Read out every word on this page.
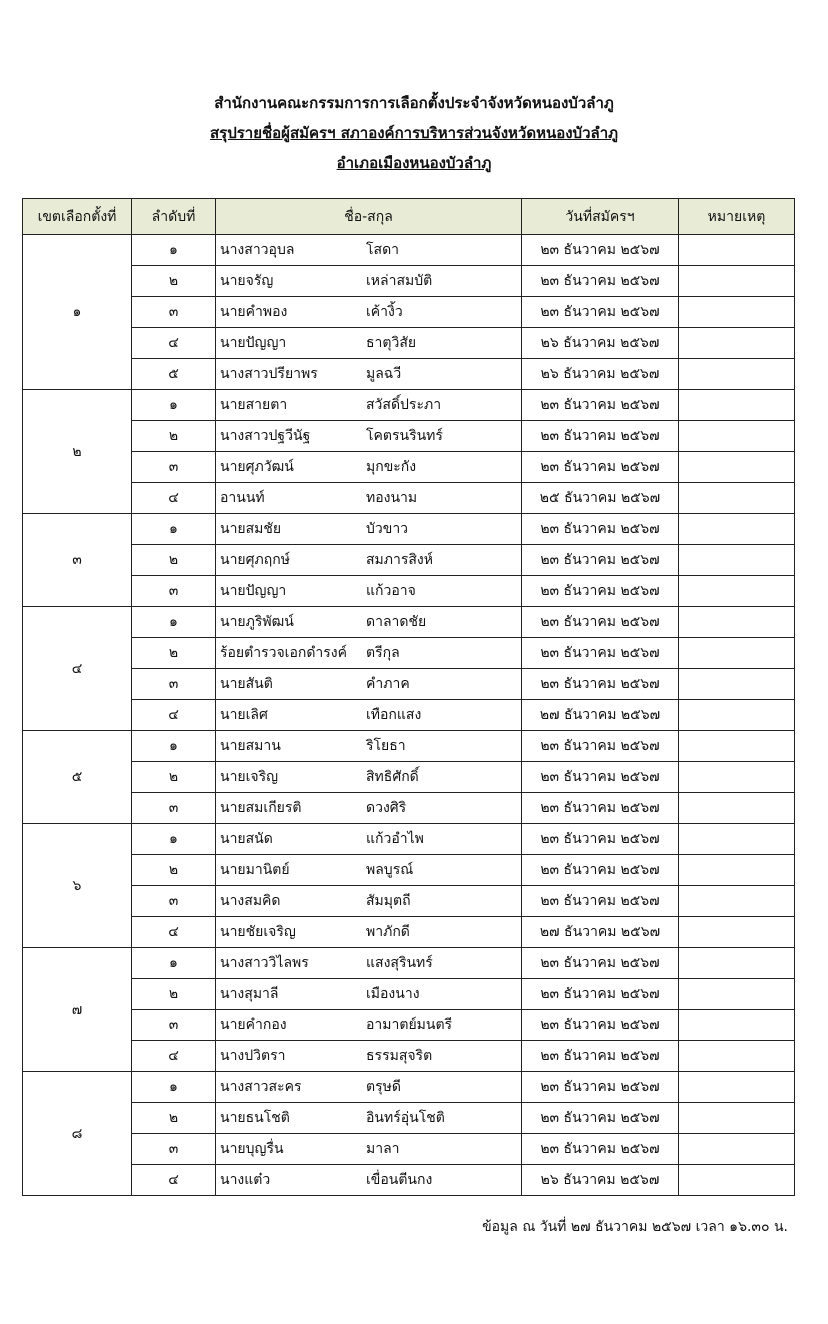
สำนักงานคณะกรรมการการเลือกตั้งประจำจังหวัดหนองบัวลำภู
สรุปรายชื่อผู้สมัครฯ สภาองค์การบริหารส่วนจังหวัดหนองบัวลำภู
อำเภอเมืองหนองบัวลำภู
เขตเลือกตั้งที่	ลำดับที่	ชื่อ-สกุล	วันที่สมัครฯ	หมายเหตุ
๑	๑	นางสาวอุบล โสดา	๒๓ ธันวาคม ๒๕๖๗	
	๒	นายจรัญ เหล่าสมบัติ	๒๓ ธันวาคม ๒๕๖๗	
	๓	นายคำพอง เค้างิ้ว	๒๓ ธันวาคม ๒๕๖๗	
	๔	นายปัญญา ธาตุวิสัย	๒๖ ธันวาคม ๒๕๖๗	
	๕	นางสาวปรียาพร มูลฉวี	๒๖ ธันวาคม ๒๕๖๗	
๒	๑	นายสายตา สวัสดิ์ประภา	๒๓ ธันวาคม ๒๕๖๗	
	๒	นางสาวปฐวีนัฐ โคตรนรินทร์	๒๓ ธันวาคม ๒๕๖๗	
	๓	นายศุภวัฒน์ มุกขะกัง	๒๓ ธันวาคม ๒๕๖๗	
	๔	อานนท์ ทองนาม	๒๕ ธันวาคม ๒๕๖๗	
๓	๑	นายสมชัย บัวขาว	๒๓ ธันวาคม ๒๕๖๗	
	๒	นายศุภฤกษ์ สมภารสิงห์	๒๓ ธันวาคม ๒๕๖๗	
	๓	นายปัญญา แก้วอาจ	๒๓ ธันวาคม ๒๕๖๗	
๔	๑	นายภูริพัฒน์ ดาลาดชัย	๒๓ ธันวาคม ๒๕๖๗	
	๒	ร้อยตำรวจเอกดำรงค์ ตรีกุล	๒๓ ธันวาคม ๒๕๖๗	
	๓	นายสันติ คำภาค	๒๓ ธันวาคม ๒๕๖๗	
	๔	นายเลิศ เทือกแสง	๒๗ ธันวาคม ๒๕๖๗	
๕	๑	นายสมาน ริโยธา	๒๓ ธันวาคม ๒๕๖๗	
	๒	นายเจริญ สิทธิศักดิ์	๒๓ ธันวาคม ๒๕๖๗	
	๓	นายสมเกียรติ ดวงศิริ	๒๓ ธันวาคม ๒๕๖๗	
๖	๑	นายสนัด แก้วอำไพ	๒๓ ธันวาคม ๒๕๖๗	
	๒	นายมานิตย์ พลบูรณ์	๒๓ ธันวาคม ๒๕๖๗	
	๓	นางสมคิด สัมมุตถี	๒๓ ธันวาคม ๒๕๖๗	
	๔	นายชัยเจริญ พาภักดี	๒๗ ธันวาคม ๒๕๖๗	
๗	๑	นางสาววิไลพร แสงสุรินทร์	๒๓ ธันวาคม ๒๕๖๗	
	๒	นางสุมาลี เมืองนาง	๒๓ ธันวาคม ๒๕๖๗	
	๓	นายคำกอง อามาตย์มนตรี	๒๓ ธันวาคม ๒๕๖๗	
	๔	นางปวิตรา ธรรมสุจริต	๒๓ ธันวาคม ๒๕๖๗	
๘	๑	นางสาวสะคร ตรุษดี	๒๓ ธันวาคม ๒๕๖๗	
	๒	นายธนโชติ อินทร์อุ่นโชติ	๒๓ ธันวาคม ๒๕๖๗	
	๓	นายบุญรื่น มาลา	๒๓ ธันวาคม ๒๕๖๗	
	๔	นางแต๋ว เขื่อนตีนกง	๒๖ ธันวาคม ๒๕๖๗	
ข้อมูล ณ วันที่ ๒๗ ธันวาคม ๒๕๖๗ เวลา ๑๖.๓๐ น.
